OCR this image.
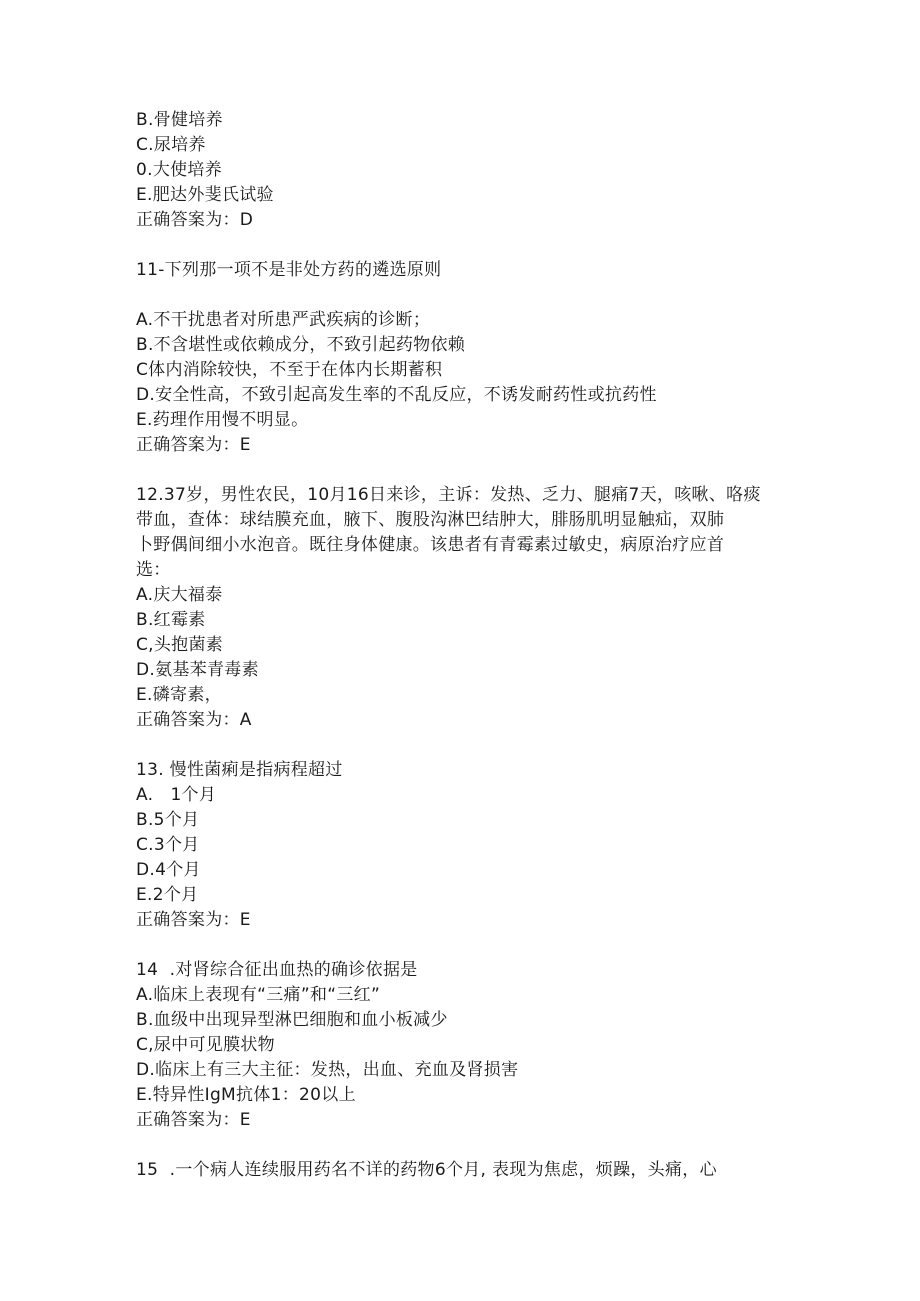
B.骨健培养
C.尿培养
0.大使培养
E.肥达外斐氏试验
正确答案为：D
11-下列那一项不是非处方药的遴选原则
A.不干扰患者对所患严武疾病的诊断；
B.不含堪性或依赖成分，不致引起药物依赖
C体内消除较快，不至于在体内长期蓄积
D.安全性高，不致引起高发生率的不乱反应，不诱发耐药性或抗药性
E.药理作用慢不明显。
正确答案为：E
12.37岁，男性农民，10月16日来诊，主诉：发热、乏力、腿痛7天，咳啾、咯痰
带血，查体：球结膜充血，腋下、腹股沟淋巴结肿大，腓肠肌明显触疝，双肺
卜野偶间细小水泡音。既往身体健康。该患者有青霉素过敏史，病原治疗应首
选：
A.庆大福泰
B.红霉素
C,头抱菌素
D.氨基苯青毒素
E.磷寄素，
正确答案为：A
13. 慢性菌痢是指病程超过
A.   1个月
B.5个月
C.3个月
D.4个月
E.2个月
正确答案为：E
14  .对肾综合征出血热的确诊依据是
A.临床上表现有“三痛”和“三红”
B.血级中出现异型淋巴细胞和血小板减少
C,尿中可见膜状物
D.临床上有三大主征：发热，出血、充血及肾损害
E.特异性IgM抗体1：20以上
正确答案为：E
15  .一个病人连续服用药名不详的药物6个月, 表现为焦虑，烦躁，头痛，心
